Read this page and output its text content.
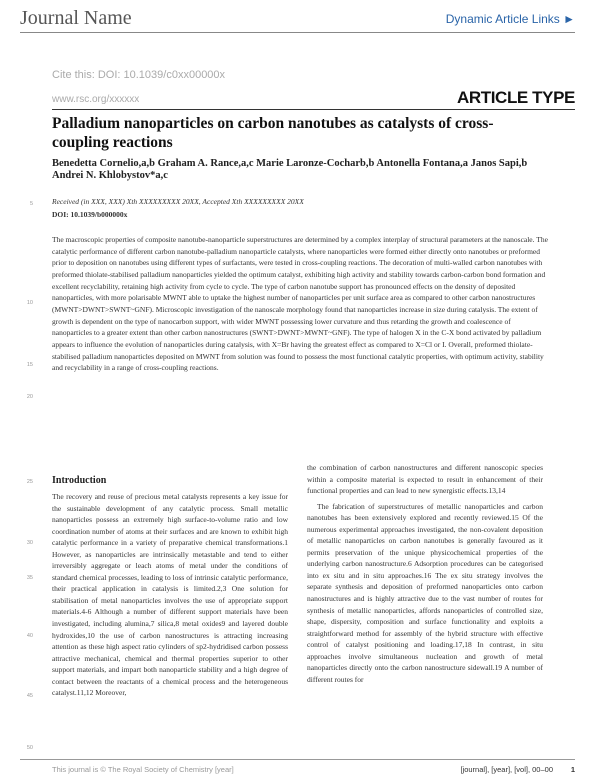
Journal Name	Dynamic Article Links ►
Cite this: DOI: 10.1039/c0xx00000x
www.rsc.org/xxxxxx	ARTICLE TYPE
Palladium nanoparticles on carbon nanotubes as catalysts of cross-coupling reactions
Benedetta Cornelio,a,b Graham A. Rance,a,c Marie Laronze-Cocharb,b Antonella Fontana,a Janos Sapi,b Andrei N. Khlobystov*a,c
5
10
15
20
25
30
35
40
45
50
Received (in XXX, XXX) Xth XXXXXXXXX 20XX, Accepted Xth XXXXXXXXX 20XX
DOI: 10.1039/b000000x

The macroscopic properties of composite nanotube-nanoparticle superstructures are determined by a complex interplay of structural parameters at the nanoscale. The catalytic performance of different carbon nanotube-palladium nanoparticle catalysts, where nanoparticles were formed either directly onto nanotubes or preformed prior to deposition on nanotubes using different types of surfactants, were tested in cross-coupling reactions. The decoration of multi-walled carbon nanotubes with preformed thiolate-stabilised palladium nanoparticles yielded the optimum catalyst, exhibiting high activity and stability towards carbon-carbon bond formation and excellent recyclability, retaining high activity from cycle to cycle. The type of carbon nanotube support has pronounced effects on the density of deposited nanoparticles, with more polarisable MWNT able to uptake the highest number of nanoparticles per unit surface area as compared to other carbon nanostructures (MWNT>DWNT>SWNT~GNF). Microscopic investigation of the nanoscale morphology found that nanoparticles increase in size during catalysis. The extent of growth is dependent on the type of nanocarbon support, with wider MWNT possessing lower curvature and thus retarding the growth and coalescence of nanoparticles to a greater extent than other carbon nanostructures (SWNT>DWNT>MWNT~GNF). The type of halogen X in the C-X bond activated by palladium appears to influence the evolution of nanoparticles during catalysis, with X=Br having the greatest effect as compared to X=Cl or I. Overall, preformed thiolate-stabilised palladium nanoparticles deposited on MWNT from solution was found to possess the most functional catalytic properties, with optimum activity, stability and recyclability in a range of cross-coupling reactions.

Introduction

The recovery and reuse of precious metal catalysts represents a key issue for the sustainable development of any catalytic process. Small metallic nanoparticles possess an extremely high surface-to-volume ratio and low coordination number of atoms at their surfaces and are known to exhibit high catalytic performance in a variety of preparative chemical transformations.1 However, as nanoparticles are intrinsically metastable and tend to either irreversibly aggregate or leach atoms of metal under the conditions of standard chemical processes, leading to loss of intrinsic catalytic performance, their practical application in catalysis is limited.2,3 One solution for stabilisation of metal nanoparticles involves the use of appropriate support materials.4-6 Although a number of different support materials have been investigated, including alumina,7 silica,8 metal oxides9 and layered double hydroxides,10 the use of carbon nanostructures is attracting increasing attention as these high aspect ratio cylinders of sp2-hydridised carbon possess attractive mechanical, chemical and thermal properties superior to other support materials, and impart both nanoparticle stability and a high degree of contact between the reactants of a chemical process and the heterogeneous catalyst.11,12 Moreover,

the combination of carbon nanostructures and different nanoscopic species within a composite material is expected to result in enhancement of their functional properties and can lead to new synergistic effects.13,14

The fabrication of superstructures of metallic nanoparticles and carbon nanotubes has been extensively explored and recently reviewed.15 Of the numerous experimental approaches investigated, the non-covalent deposition of metallic nanoparticles on carbon nanotubes is generally favoured as it permits preservation of the unique physicochemical properties of the underlying carbon nanostructure.6 Adsorption procedures can be categorised into ex situ and in situ approaches.16 The ex situ strategy involves the separate synthesis and deposition of preformed nanoparticles onto carbon nanostructures and is highly attractive due to the vast number of routes for synthesis of metallic nanoparticles, affords nanoparticles of controlled size, shape, dispersity, composition and surface functionality and exploits a straightforward method for assembly of the hybrid structure with effective control of catalyst positioning and loading.17,18 In contrast, in situ approaches involve simultaneous nucleation and growth of metal nanoparticles directly onto the carbon nanostructure sidewall.19 A number of different routes for

This journal is © The Royal Society of Chemistry [year]	[journal], [year], [vol], 00–00 1
